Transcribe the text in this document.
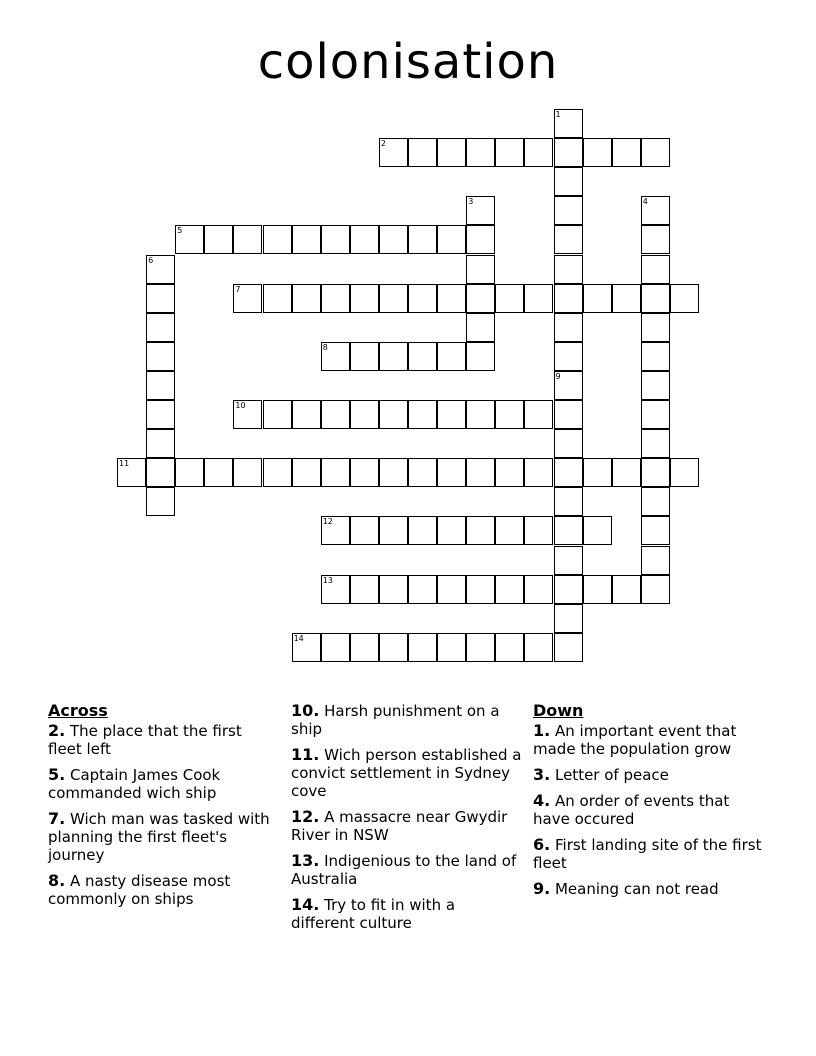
colonisation
2
5
7
8
10
11
12
13
14
1
3	4
6
9
Across
2. The place that the first fleet left
5. Captain James Cook commanded wich ship
7. Wich man was tasked with planning the first fleet's journey
8. A nasty disease most commonly on ships
10. Harsh punishment on a ship
11. Wich person established a convict settlement in Sydney cove
12. A massacre near Gwydir River in NSW
13. Indigenious to the land of Australia
14. Try to fit in with a different culture
Down
1. An important event that made the population grow
3. Letter of peace
4. An order of events that have occured
6. First landing site of the first fleet
9. Meaning can not read
